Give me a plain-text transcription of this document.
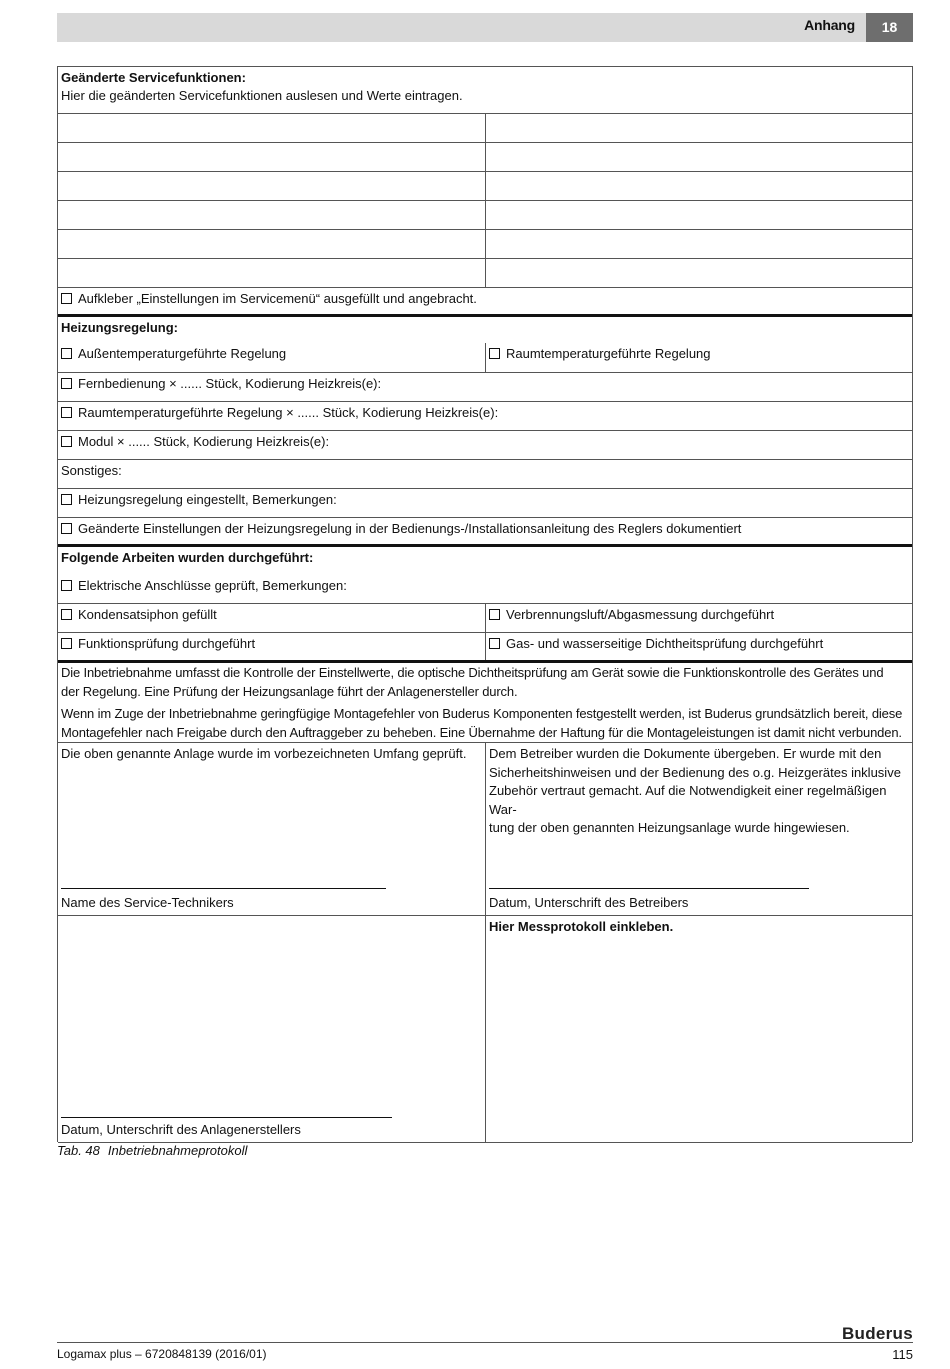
Anhang	18
Geänderte Servicefunktionen:
Hier die geänderten Servicefunktionen auslesen und Werte eintragen.
Aufkleber „Einstellungen im Servicemenü“ ausgefüllt und angebracht.
Heizungsregelung:
Außentemperaturgeführte Regelung	Raumtemperaturgeführte Regelung
Fernbedienung × ...... Stück, Kodierung Heizkreis(e):
Raumtemperaturgeführte Regelung × ...... Stück, Kodierung Heizkreis(e):
Modul × ...... Stück, Kodierung Heizkreis(e):
Sonstiges:
Heizungsregelung eingestellt, Bemerkungen:
Geänderte Einstellungen der Heizungsregelung in der Bedienungs-/Installationsanleitung des Reglers dokumentiert
Folgende Arbeiten wurden durchgeführt:
Elektrische Anschlüsse geprüft, Bemerkungen:
Kondensatsiphon gefüllt	Verbrennungsluft/Abgasmessung durchgeführt
Funktionsprüfung durchgeführt	Gas- und wasserseitige Dichtheitsprüfung durchgeführt
Die Inbetriebnahme umfasst die Kontrolle der Einstellwerte, die optische Dichtheitsprüfung am Gerät sowie die Funktionskontrolle des Gerätes und
der Regelung. Eine Prüfung der Heizungsanlage führt der Anlagenersteller durch.
Wenn im Zuge der Inbetriebnahme geringfügige Montagefehler von Buderus Komponenten festgestellt werden, ist Buderus grundsätzlich bereit, diese
Montagefehler nach Freigabe durch den Auftraggeber zu beheben. Eine Übernahme der Haftung für die Montageleistungen ist damit nicht verbunden.
Die oben genannte Anlage wurde im vorbezeichneten Umfang geprüft.
Name des Service-Technikers
Dem Betreiber wurden die Dokumente übergeben. Er wurde mit den
Sicherheitshinweisen und der Bedienung des o.g. Heizgerätes inklusive
Zubehör vertraut gemacht. Auf die Notwendigkeit einer regelmäßigen War-
tung der oben genannten Heizungsanlage wurde hingewiesen.
Datum, Unterschrift des Betreibers
Datum, Unterschrift des Anlagenerstellers
Hier Messprotokoll einkleben.
Tab. 48 Inbetriebnahmeprotokoll
Buderus
Logamax plus – 6720848139 (2016/01)	115
